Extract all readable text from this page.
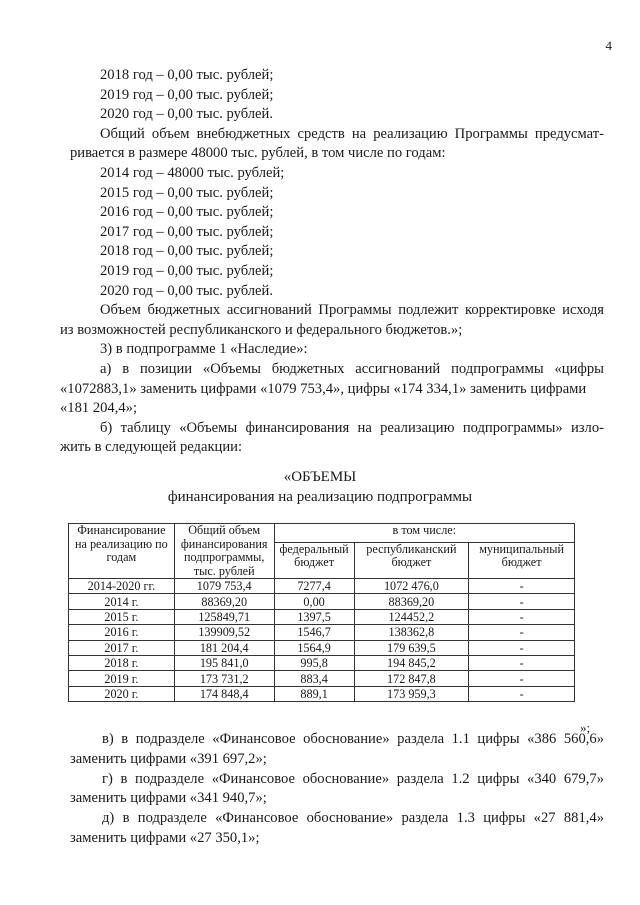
4
2018 год – 0,00 тыс. рублей;
2019 год – 0,00 тыс. рублей;
2020 год – 0,00 тыс. рублей.
Общий объем внебюджетных средств на реализацию Программы предусмат-
ривается в размере 48000 тыс. рублей, в том числе по годам:
2014 год – 48000 тыс. рублей;
2015 год – 0,00 тыс. рублей;
2016 год – 0,00 тыс. рублей;
2017 год – 0,00 тыс. рублей;
2018 год – 0,00 тыс. рублей;
2019 год – 0,00 тыс. рублей;
2020 год – 0,00 тыс. рублей.
Объем бюджетных ассигнований Программы подлежит корректировке исходя
из возможностей республиканского и федерального бюджетов.»;
3) в подпрограмме 1 «Наследие»:
а) в позиции «Объемы бюджетных ассигнований подпрограммы «цифры
«1072883,1» заменить цифрами «1079 753,4», цифры «174 334,1» заменить цифрами
«181 204,4»;
б) таблицу «Объемы финансирования на реализацию подпрограммы» изло-
жить в следующей редакции:
«ОБЪЕМЫ
финансирования на реализацию подпрограммы
Финансирование на реализацию по годам	Общий объем финансирования подпрограммы, тыс. рублей	в том числе:		
		федеральный бюджет	республиканский бюджет	муниципальный бюджет
2014-2020 гг.	1079 753,4	7277,4	1072 476,0	-
2014 г.	88369,20	0,00	88369,20	-
2015 г.	125849,71	1397,5	124452,2	-
2016 г.	139909,52	1546,7	138362,8	-
2017 г.	181 204,4	1564,9	179 639,5	-
2018 г.	195 841,0	995,8	194 845,2	-
2019 г.	173 731,2	883,4	172 847,8	-
2020 г.	174 848,4	889,1	173 959,3	-
»;
в) в подразделе «Финансовое обоснование» раздела 1.1 цифры «386 560,6» заменить цифрами «391 697,2»;
г) в подразделе «Финансовое обоснование» раздела 1.2 цифры «340 679,7» заменить цифрами «341 940,7»;
д) в подразделе «Финансовое обоснование» раздела 1.3 цифры «27 881,4» заменить цифрами «27 350,1»;
